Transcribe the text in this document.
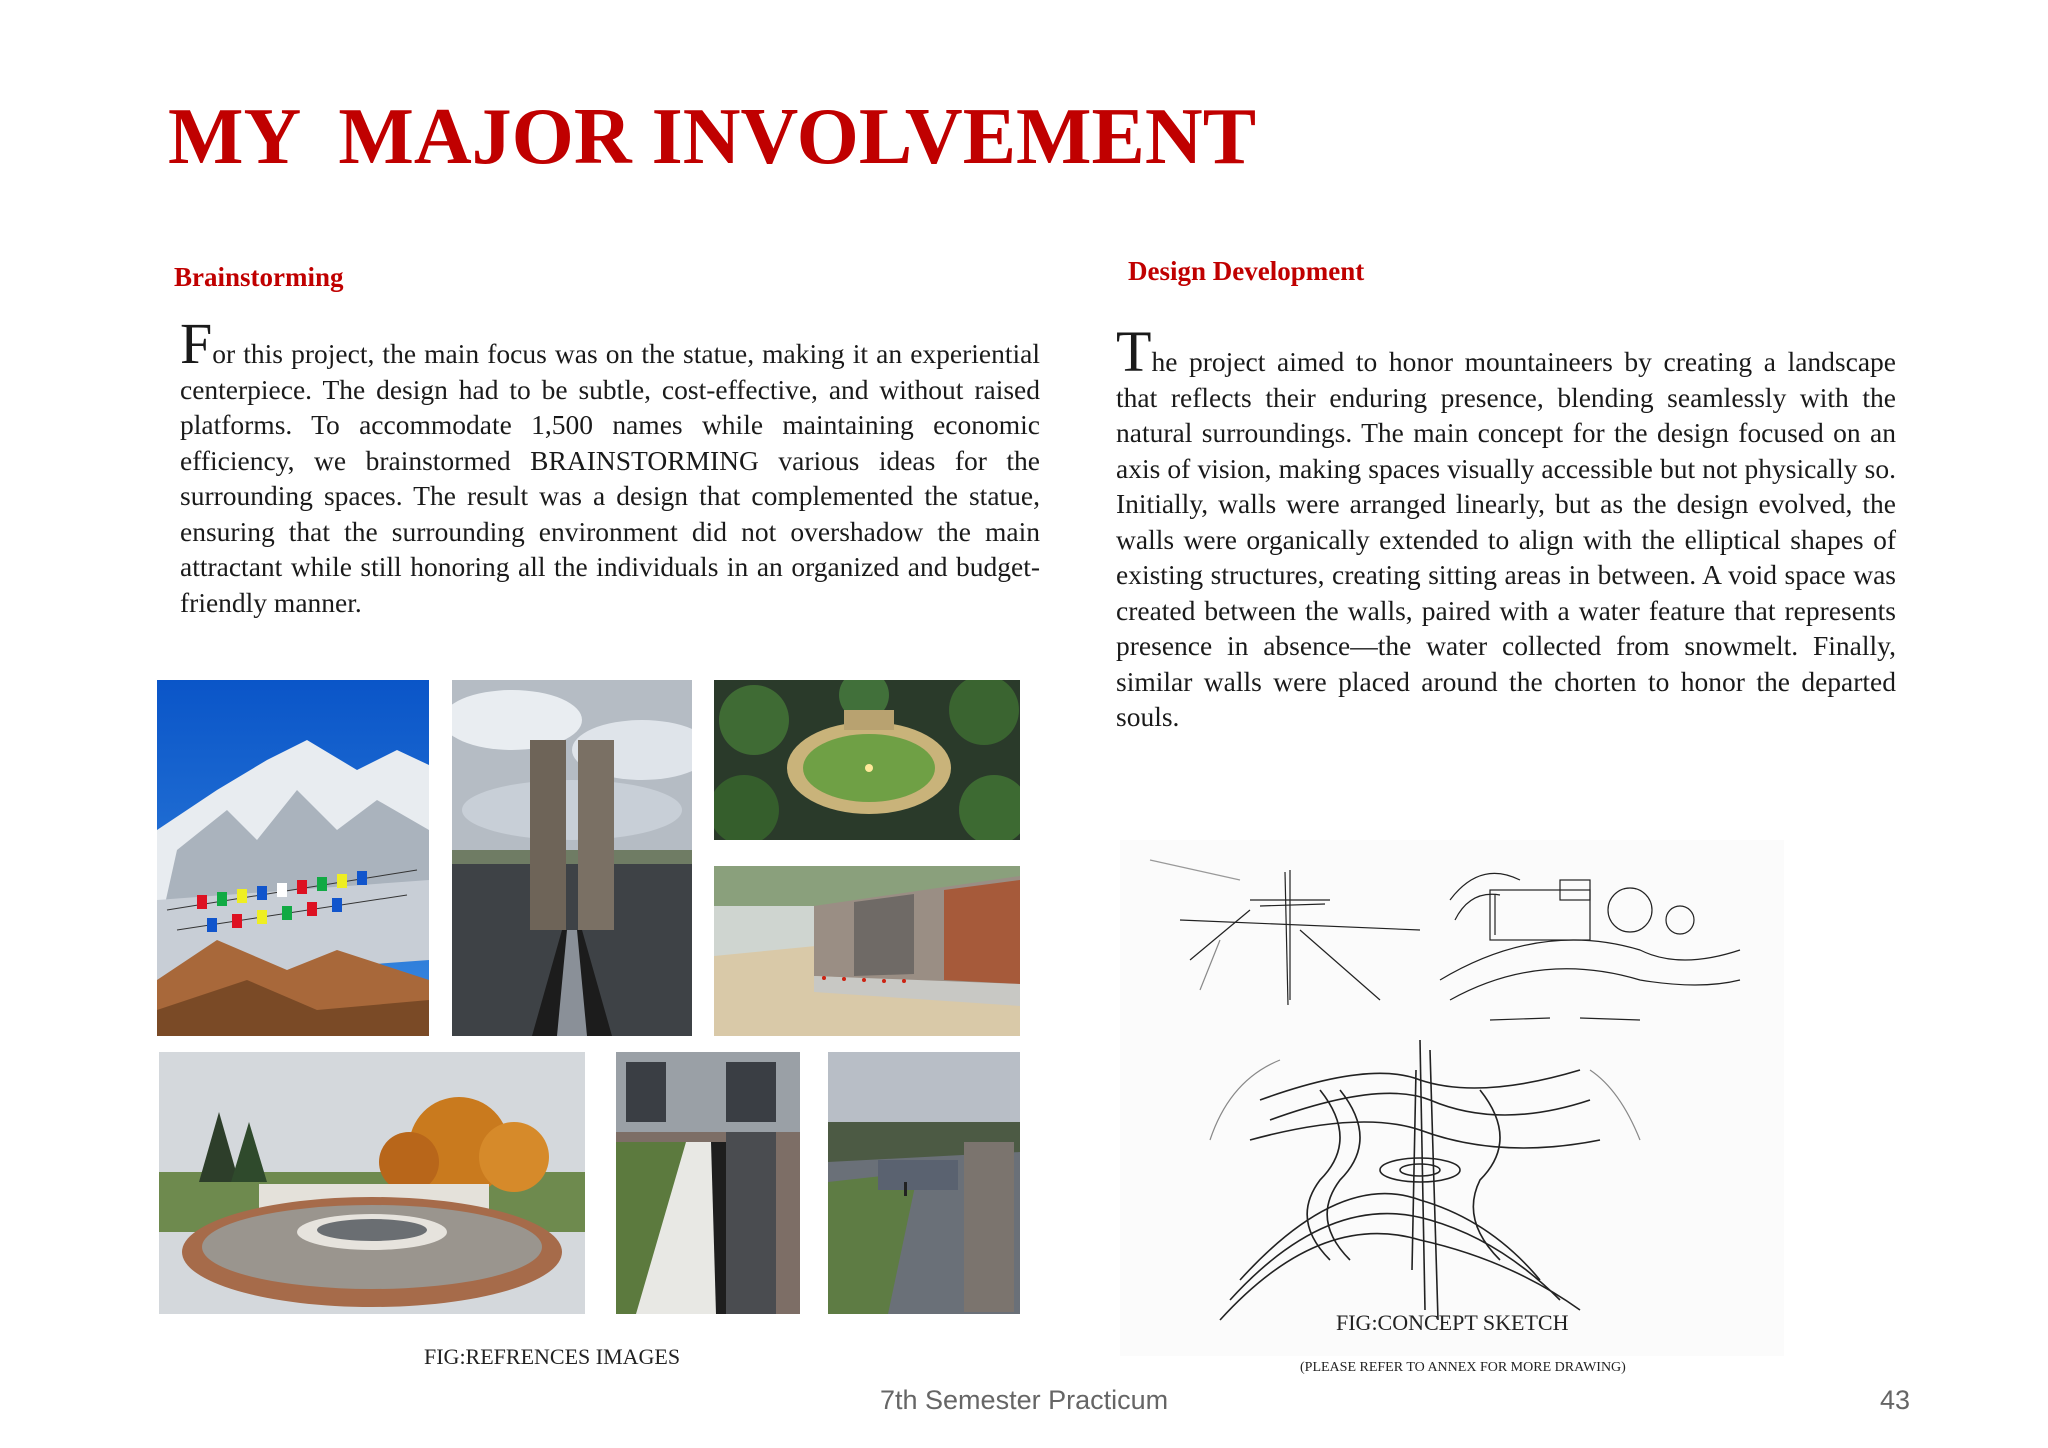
MY  MAJOR INVOLVEMENT
Brainstorming
For this project, the main focus was on the statue, making it an experiential centerpiece. The design had to be subtle, cost-effective, and without raised platforms. To accommodate 1,500 names while maintaining economic efficiency, we brainstormed BRAINSTORMING various ideas for the surrounding spaces. The result was a design that complemented the statue, ensuring that the surrounding environment did not overshadow the main attractant while still honoring all the individuals in an organized and budget-friendly manner.
FIG:REFRENCES IMAGES
Design Development
The project aimed to honor mountaineers by creating a landscape that reflects their enduring presence, blending seamlessly with the natural surroundings. The main concept for the design focused on an axis of vision, making spaces visually accessible but not physically so. Initially, walls were arranged linearly, but as the design evolved, the walls were organically extended to align with the elliptical shapes of existing structures, creating sitting areas in between. A void space was created between the walls, paired with a water feature that represents presence in absence—the water collected from snowmelt. Finally, similar walls were placed around the chorten to honor the departed souls.
FIG:CONCEPT SKETCH
(PLEASE REFER TO ANNEX FOR MORE DRAWING)
7th Semester Practicum	43
